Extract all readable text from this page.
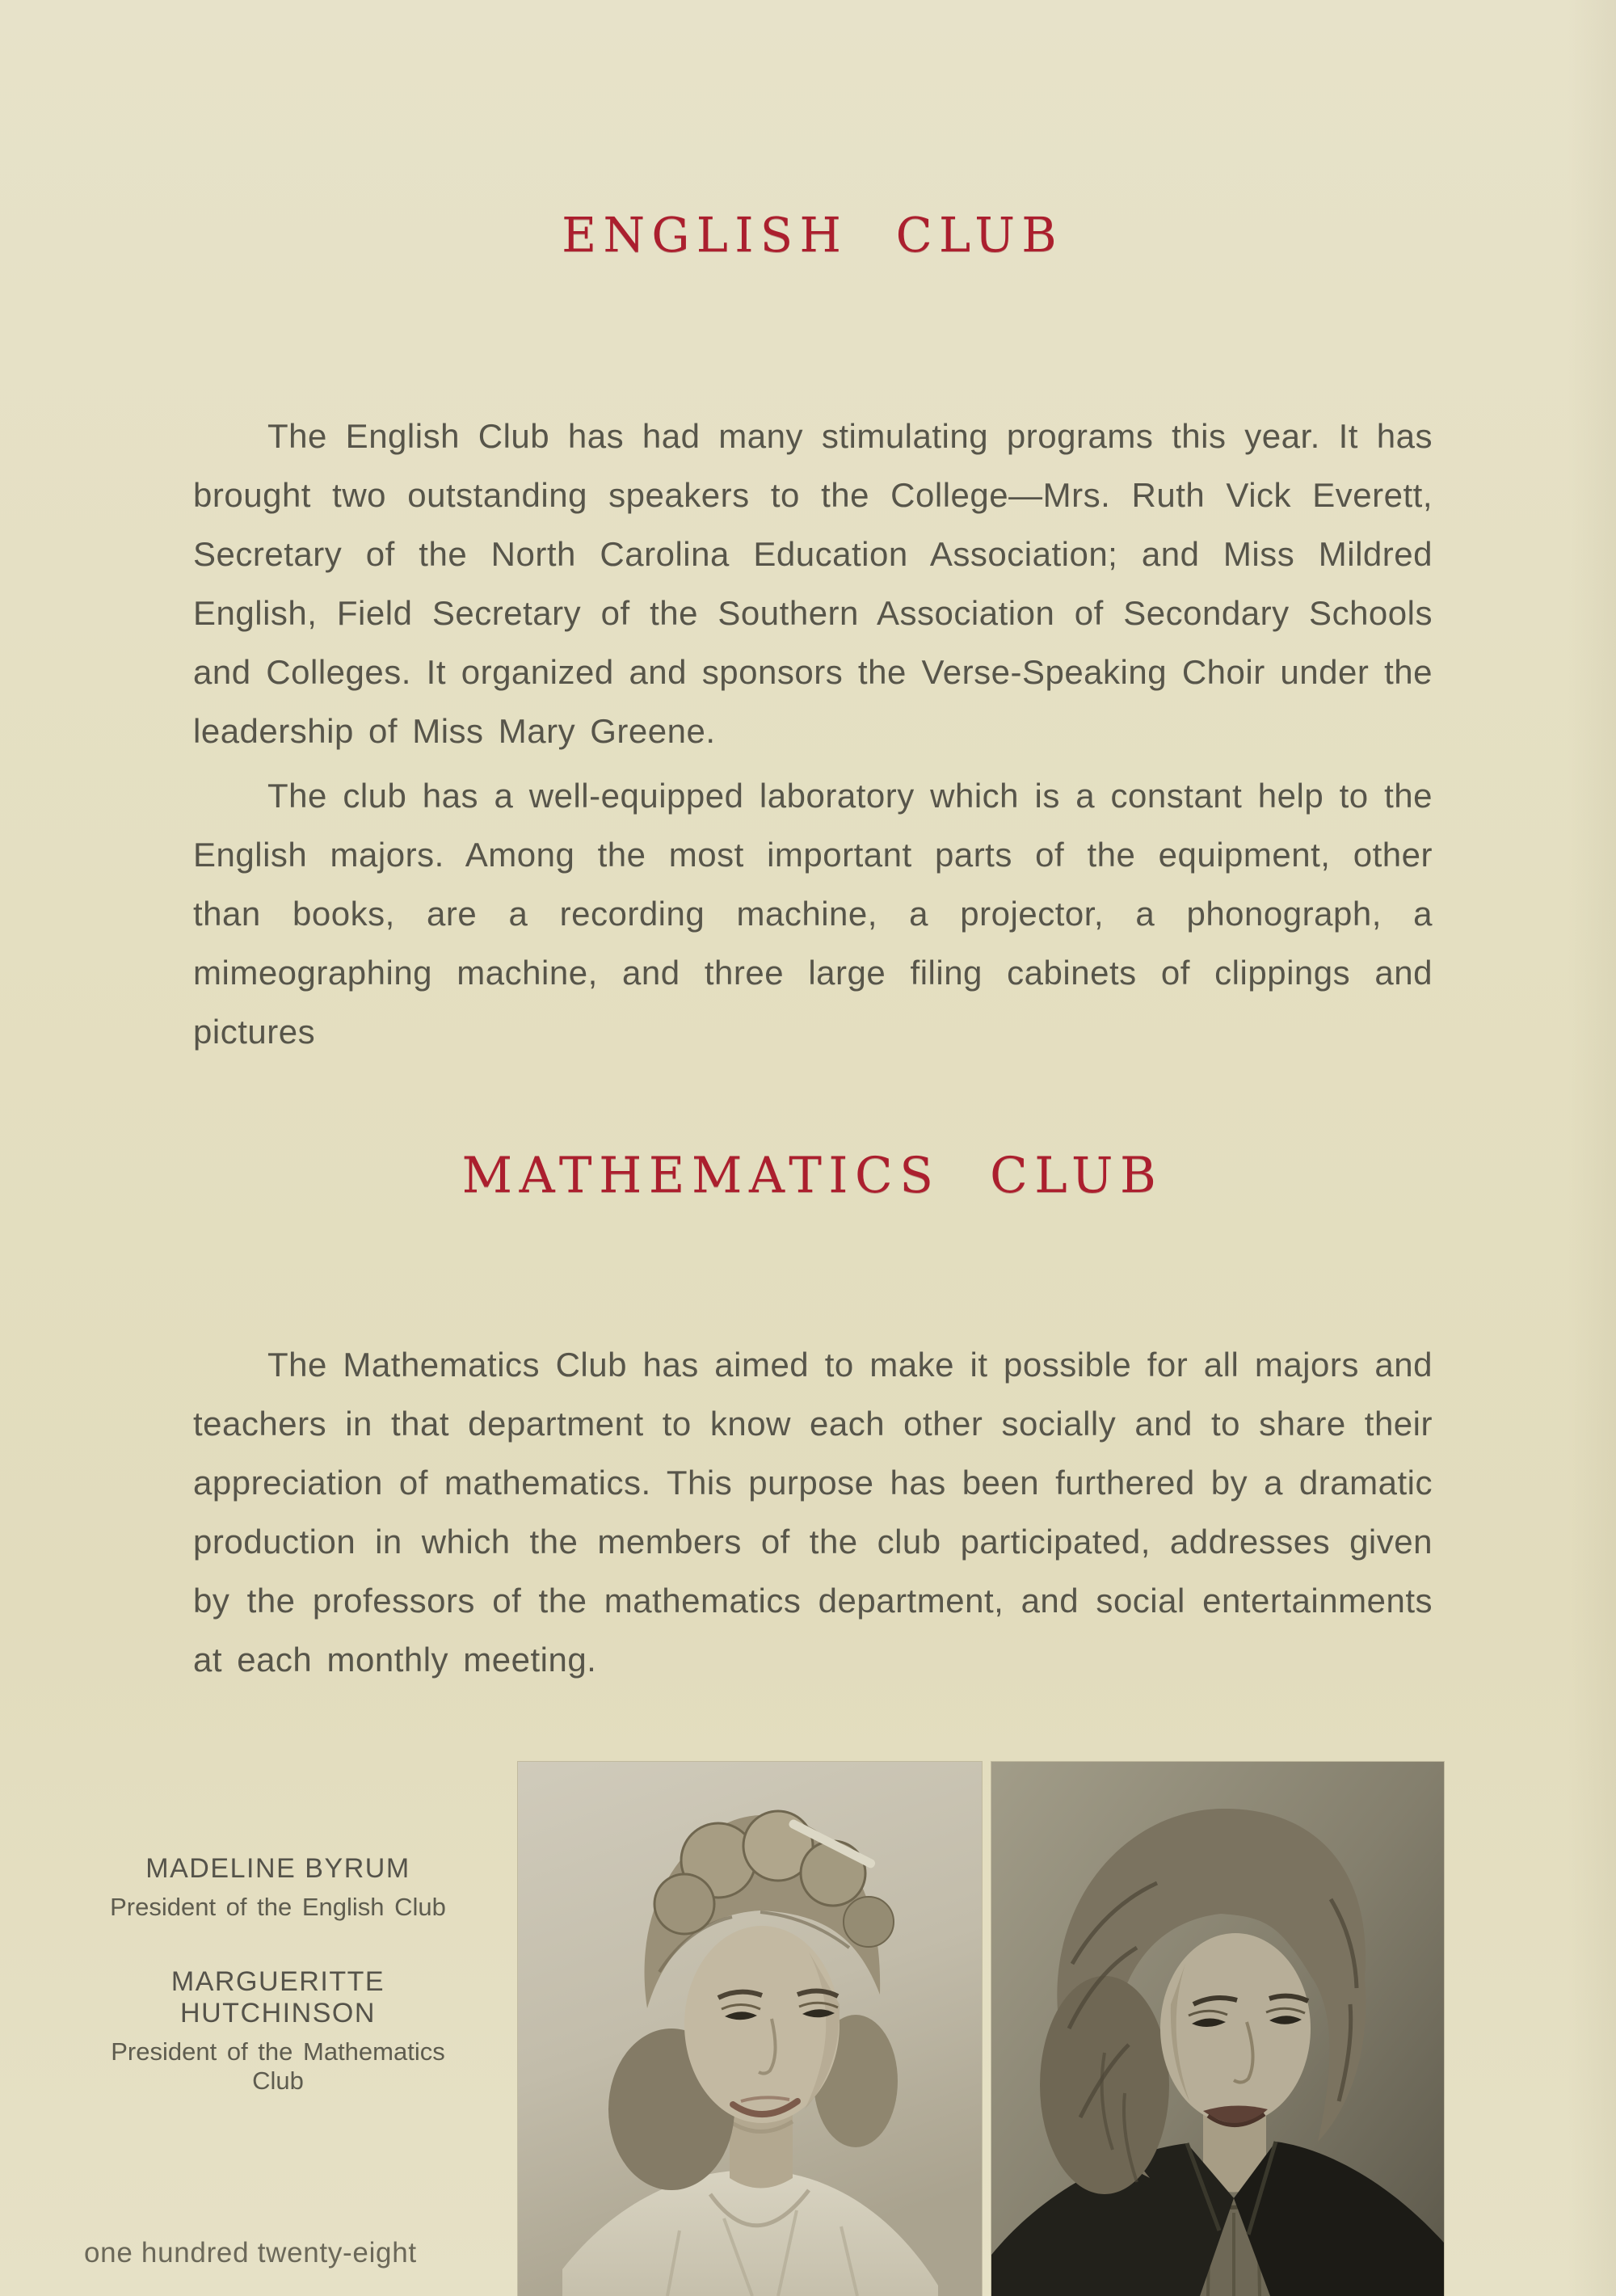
ENGLISH CLUB

The English Club has had many stimulating programs this year. It has brought two outstanding speakers to the College—Mrs. Ruth Vick Everett, Secretary of the North Carolina Education Association; and Miss Mildred English, Field Secretary of the Southern Association of Secondary Schools and Colleges. It organized and sponsors the Verse-Speaking Choir under the leadership of Miss Mary Greene.

The club has a well-equipped laboratory which is a constant help to the English majors. Among the most important parts of the equipment, other than books, are a recording machine, a projector, a phonograph, a mimeographing machine, and three large filing cabinets of clippings and pictures

MATHEMATICS CLUB

The Mathematics Club has aimed to make it possible for all majors and teachers in that department to know each other socially and to share their appreciation of mathematics. This purpose has been furthered by a dramatic production in which the members of the club participated, addresses given by the professors of the mathematics department, and social entertainments at each monthly meeting.

MADELINE BYRUM
President of the English Club
MARGUERITTE HUTCHINSON
President of the Mathematics Club

one hundred twenty-eight
